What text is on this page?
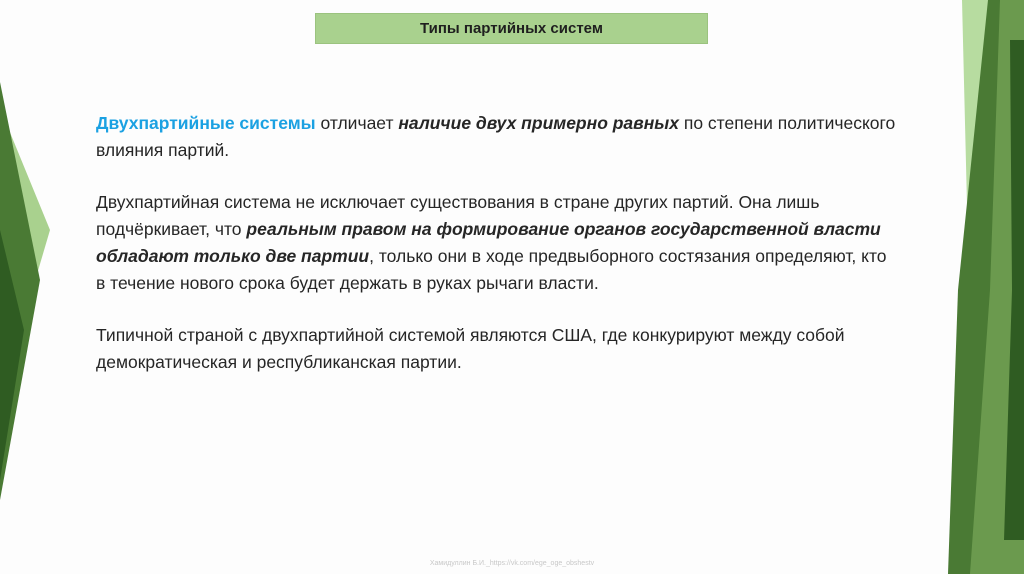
Типы партийных систем

Двухпартийные системы отличает наличие двух примерно равных по степени политического влияния партий.

Двухпартийная система не исключает существования в стране других партий. Она лишь подчёркивает, что реальным правом на формирование органов государственной власти обладают только две партии, только они в ходе предвыборного состязания определяют, кто в течение нового срока будет держать в руках рычаги власти.

Типичной страной с двухпартийной системой являются США, где конкурируют между собой демократическая и республиканская партии.

Хамидуллин Б.И._https://vk.com/ege_oge_obshestv
